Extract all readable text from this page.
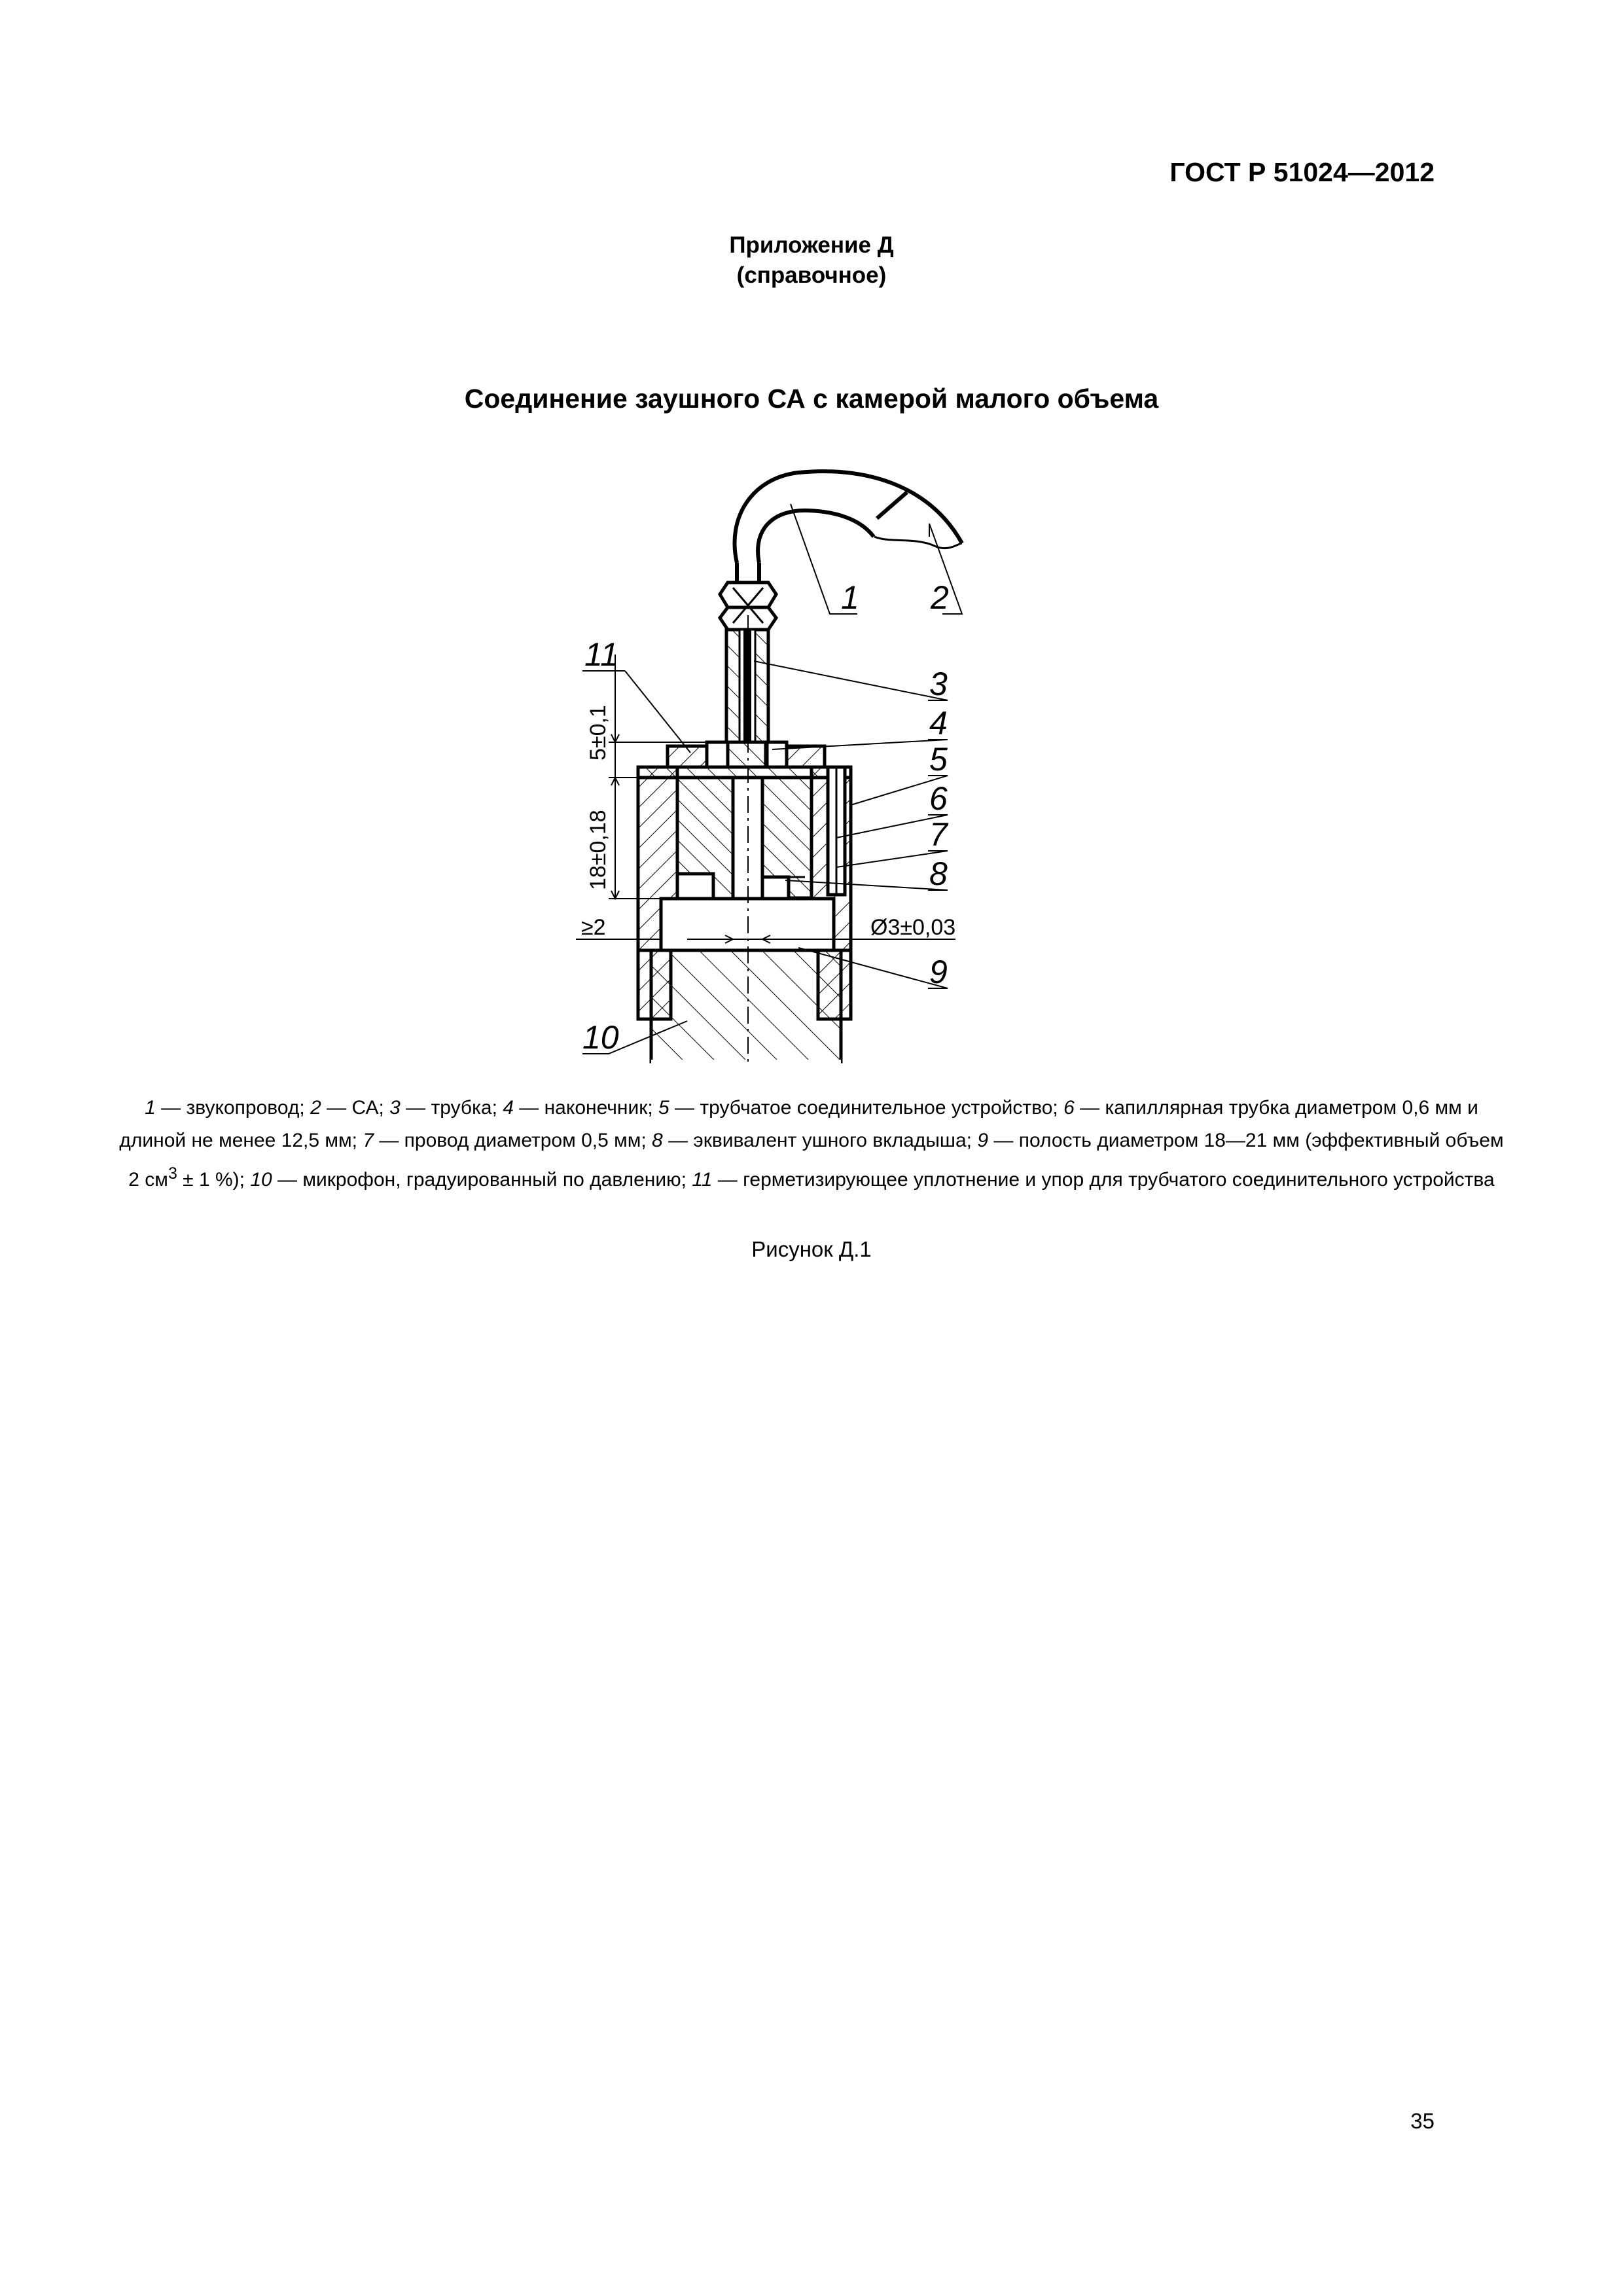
ГОСТ Р 51024—2012
Приложение Д
(справочное)
Соединение заушного СА с камерой малого объема
1 2
3
4
5
6
7
8
9
10
11
5±0,1
18±0,18
≥2	Ø3±0,03
1 — звукопровод; 2 — СА; 3 — трубка; 4 — наконечник; 5 — трубчатое соединительное устройство; 6 — капиллярная трубка диаметром 0,6 мм и длиной не менее 12,5 мм; 7 — провод диаметром 0,5 мм; 8 — эквивалент ушного вкладыша; 9 — полость диаметром 18—21 мм (эффективный объем 2 $см^3 \pm 1$ %); 10 — микрофон, градуированный по давлению; 11 — герметизирующее уплотнение и упор для трубчатого соединительного устройства
Рисунок Д.1
35
